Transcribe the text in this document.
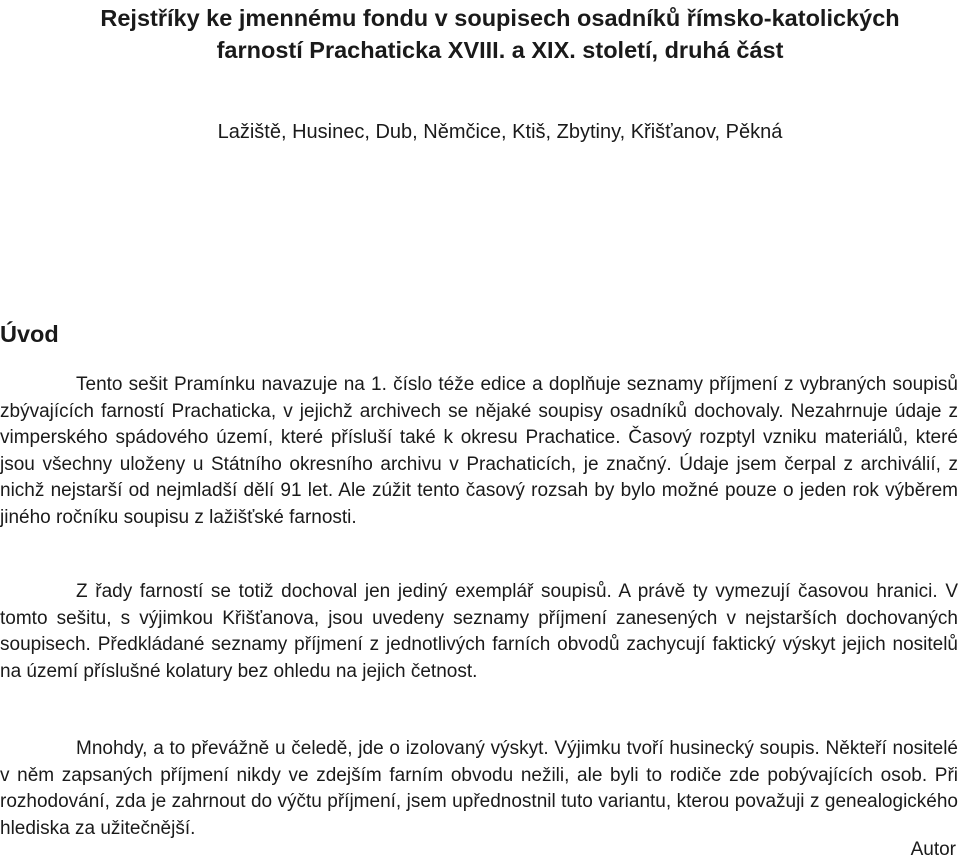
Rejstříky ke jmennému fondu v soupisech osadníků římsko-katolických farností Prachaticka XVIII. a XIX. století, druhá část
Lažiště, Husinec, Dub, Němčice, Ktiš, Zbytiny, Křišťanov, Pěkná
Úvod

Tento sešit Pramínku navazuje na 1. číslo téže edice a doplňuje seznamy příjmení z vybraných soupisů zbývajících farností Prachaticka, v jejichž archivech se nějaké soupisy osadníků dochovaly. Nezahrnuje údaje z vimperského spádového území, které přísluší také k okresu Prachatice. Časový rozptyl vzniku materiálů, které jsou všechny uloženy u Státního okresního archivu v Prachaticích, je značný. Údaje jsem čerpal z archiválií, z nichž nejstarší od nejmladší dělí 91 let. Ale zúžit tento časový rozsah by bylo možné pouze o jeden rok výběrem jiného ročníku soupisu z lažišťské farnosti.

Z řady farností se totiž dochoval jen jediný exemplář soupisů. A právě ty vymezují časovou hranici. V tomto sešitu, s výjimkou Křišťanova, jsou uvedeny seznamy příjmení zanesených v nejstarších dochovaných soupisech. Předkládané seznamy příjmení z jednotlivých farních obvodů zachycují faktický výskyt jejich nositelů na území příslušné kolatury bez ohledu na jejich četnost.

Mnohdy, a to převážně u čeledě, jde o izolovaný výskyt. Výjimku tvoří husinecký soupis. Někteří nositelé v něm zapsaných příjmení nikdy ve zdejším farním obvodu nežili, ale byli to rodiče zde pobývajících osob. Při rozhodování, zda je zahrnout do výčtu příjmení, jsem upřednostnil tuto variantu, kterou považuji z genealogického hlediska za užitečnější.

Autor
